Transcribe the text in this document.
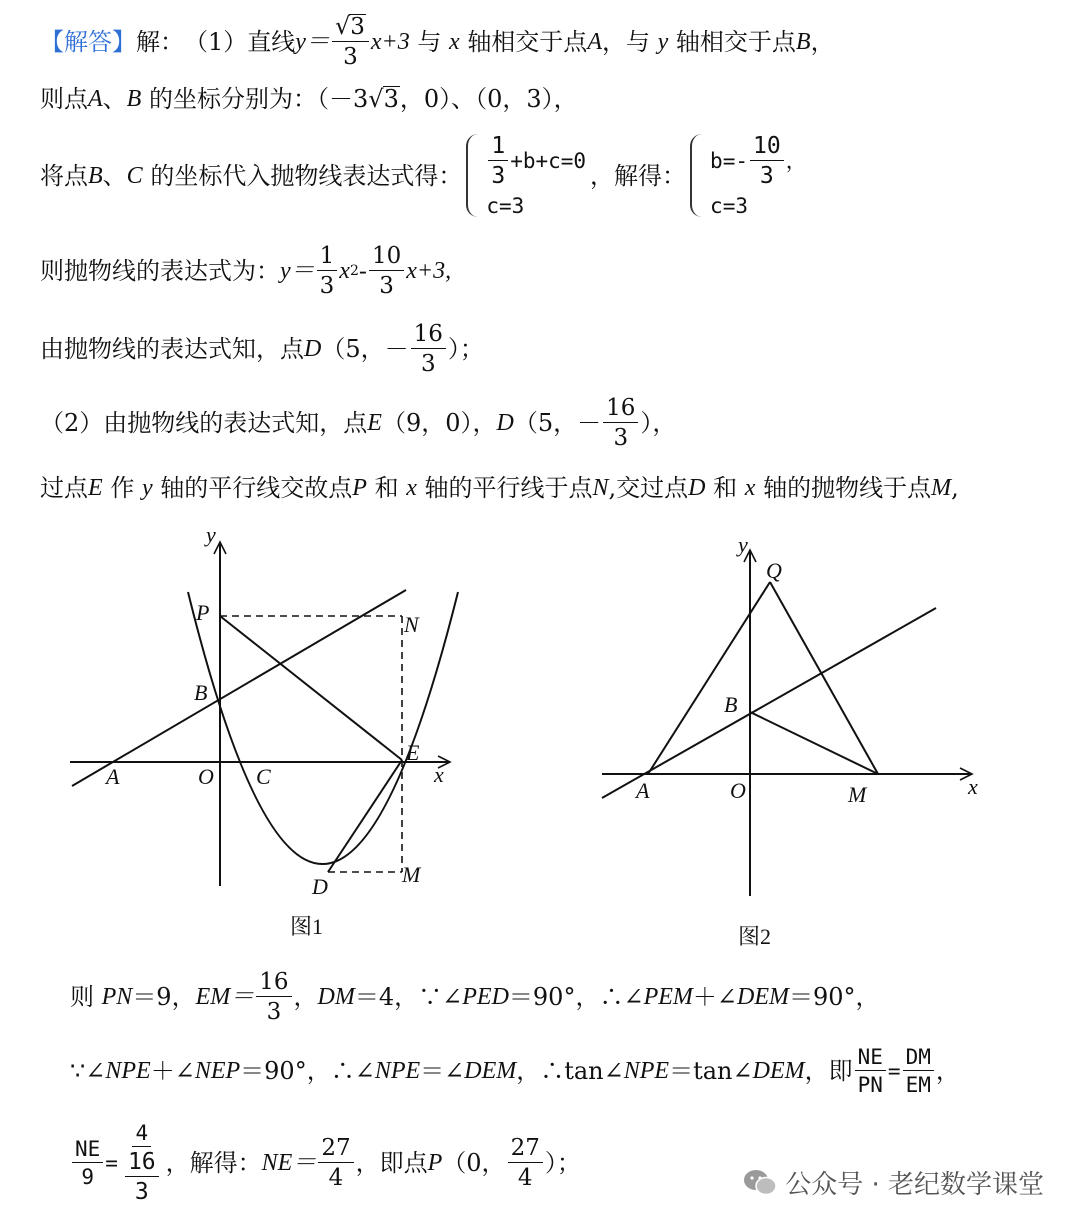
【解答】 解： （1）直线 $y= \frac{√ 3}{3} x+3$
与
x
轴相交于点 A ，与
y
轴相交于点 B ，
则点 A 、 B
的坐标分别为：（－3 √ 3 ，0）、（0，3），
将点 B 、 C
的坐标代入抛物线表达式得： $\frac{1}{3} +b+c=0$
c=3
，解得：
$b=- \frac{10}{3}$ ，
c=3
则抛物线的表达式为： $y= \frac{1}{3}$ x $2 - \frac{10}{3} x+3$,
由抛物线的表达式知，点 D （5，－ $\frac{16}{3}$ ）；
（2）由抛物线的表达式知，点 E （9，0）， D （5，－ $\frac{16}{3}$ ），
过点 E
作
y
轴的平行线交故点 P
和
x
轴的平行线于点 N ,交过点 D
和
x
轴的抛物线于点 M ,
y
x
P	N
B
A	O C
E
D	M
图1
y
x
Q
B
A	O	M
图2
则
PN ＝9， $EM= \frac{16}{3}$ ， DM ＝4，∵∠ PED ＝90°，∴∠ PEM ＋∠ DEM ＝90°，
∵∠ NPE ＋∠ NEP ＝90°，∴∠ NPE ＝∠ DEM ，∴tan∠ NPE ＝tan∠ DEM ，即 $\frac{NE}{PN} = \frac{DM}{EM}$ ，
$\frac{NE}{9} = \frac{4}{\frac{16}{3}}$ ，解得： $NE= \frac{27}{4}$ ，即点 P （0， $\frac{27}{4}$ ）；
公众号 · 老纪数学课堂
